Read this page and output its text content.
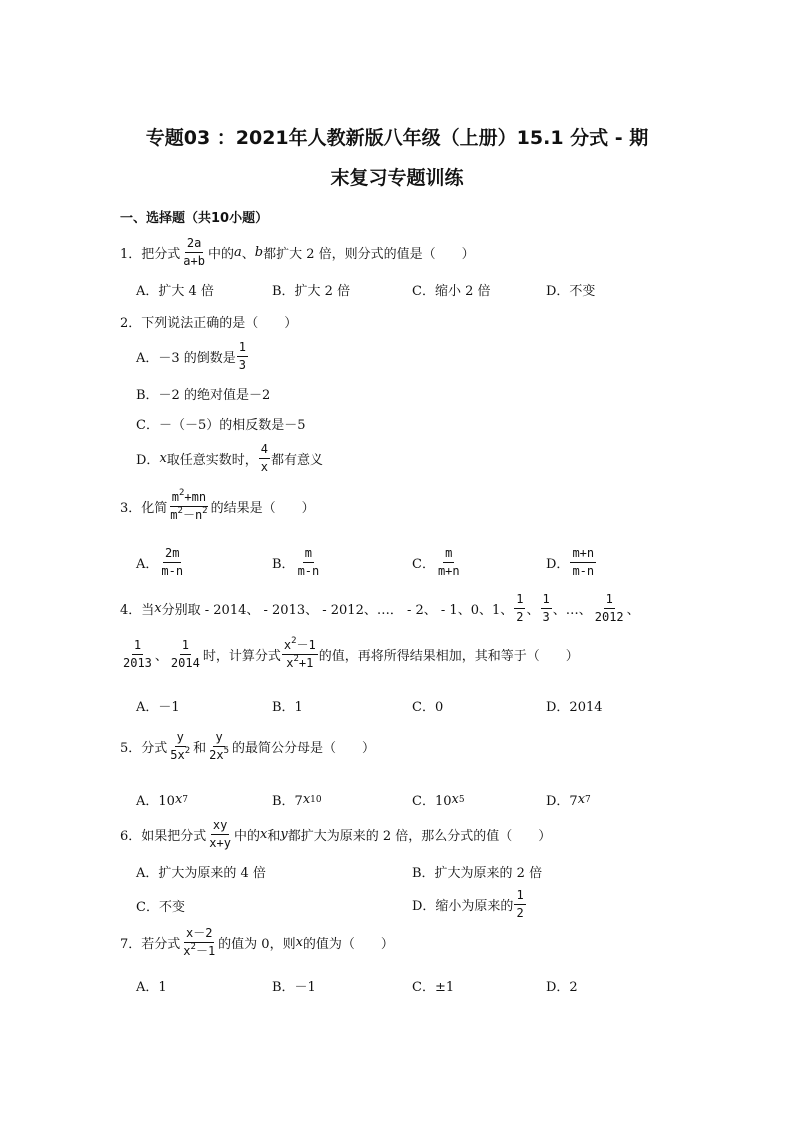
专题03 ：2021年人教新版八年级（上册）15.1 分式 - 期
末复习专题训练
一、选择题（共10小题）
1．把分式 $\frac{2a}{a+b}$ 中的 a 、 b 都扩大 2 倍，则分式的值是（　　）
A．扩大 4 倍	B．扩大 2 倍	C．缩小 2 倍	D．不变
2．下列说法正确的是（　　）
A．－3 的倒数是 $\frac{1}{3}$
B．－2 的绝对值是－2
C．－（－5）的相反数是－5
D． x 取任意实数时， $\frac{4}{x}$ 都有意义
3．化简 $\frac{m^2+mn}{m^2-n^2}$ 的结果是（　　）
A． $\frac{2m}{m-n}$	B． $\frac{m}{m-n}$	C． $\frac{m}{m+n}$	D． $\frac{m+n}{m-n}$
4．当 x 分别取 - 2014、 - 2013、 - 2012、…． - 2、 - 1、0、1、 $\frac{1}{2}$ 、 $\frac{1}{3}$ 、…、 $\frac{1}{2012}$ 、
$\frac{1}{2013}$ 、 $\frac{1}{2014}$ 时，计算分式 $\frac{x^2-1}{x^2+1}$ 的值，再将所得结果相加，其和等于（　　）
A．－1	B．1	C．0	D．2014
5．分式 $\frac{y}{5x^2}$ 和 $\frac{y}{2x^5}$ 的最简公分母是（　　）
A．10 x 7	B．7 x 10	C．10 x 5	D．7 x 7
6．如果把分式 $\frac{xy}{x+y}$ 中的 x 和 y 都扩大为原来的 2 倍，那么分式的值（　　）
A．扩大为原来的 4 倍	B．扩大为原来的 2 倍
C．不变	D．缩小为原来的 $\frac{1}{2}$
7．若分式 $\frac{x-2}{x^2-1}$ 的值为 0，则 x 的值为（　　）
A．1	B．－1	C．±1	D．2
